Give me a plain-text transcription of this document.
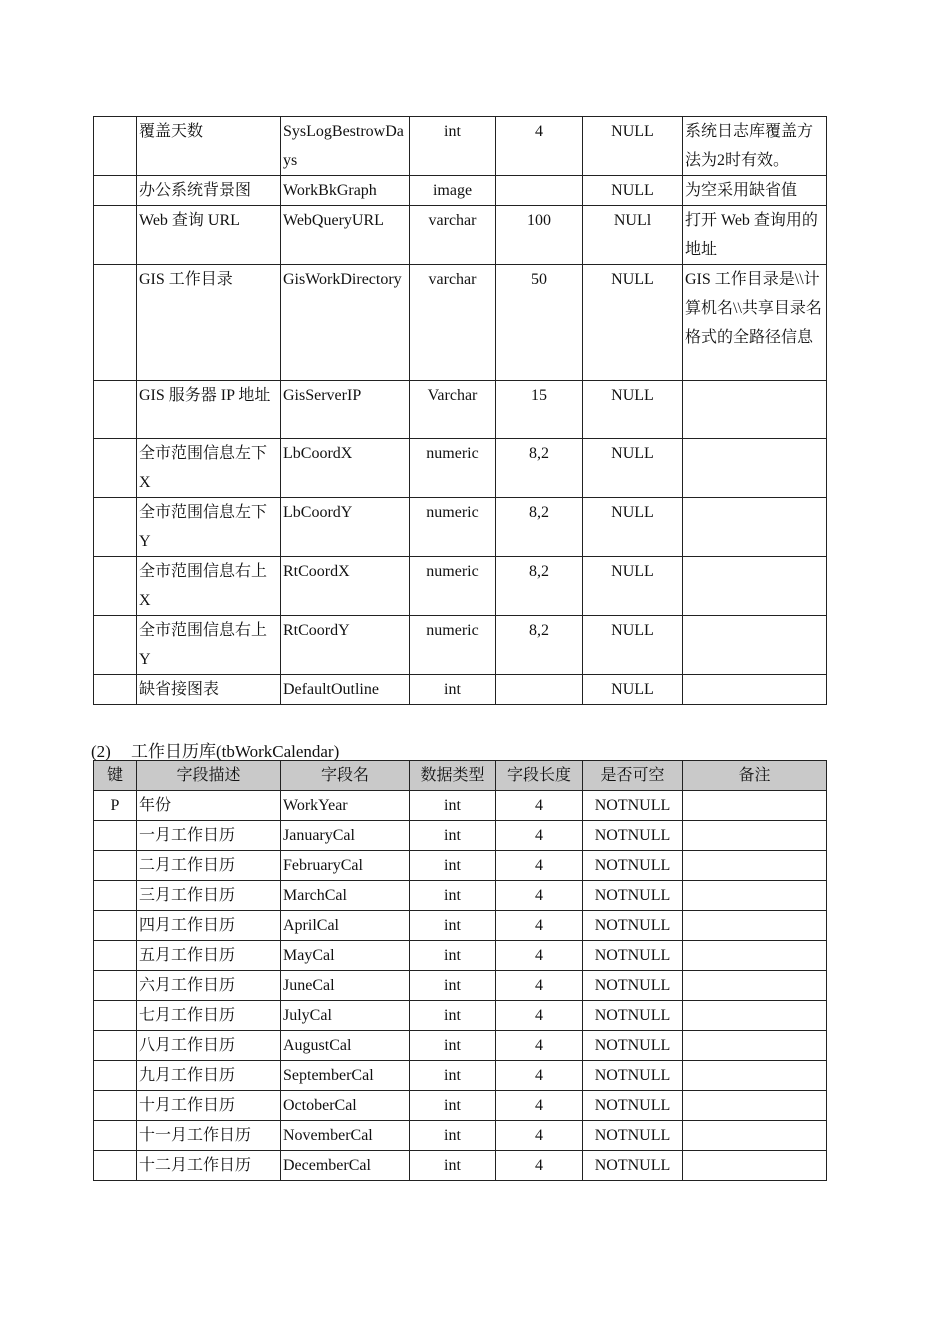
	覆盖天数	SysLogBestrowDays	int	4	NULL	系统日志库覆盖方法为2时有效。
	办公系统背景图	WorkBkGraph	image		NULL	为空采用缺省值
	Web 查询 URL	WebQueryURL	varchar	100	NULl	打开 Web 查询用的地址
	GIS 工作目录	GisWorkDirectory	varchar	50	NULL	GIS 工作目录是\\计算机名\\共享目录名格式的全路径信息
	GIS 服务器 IP 地址	GisServerIP	Varchar	15	NULL	
	全市范围信息左下X	LbCoordX	numeric	8,2	NULL	
	全市范围信息左下Y	LbCoordY	numeric	8,2	NULL	
	全市范围信息右上X	RtCoordX	numeric	8,2	NULL	
	全市范围信息右上Y	RtCoordY	numeric	8,2	NULL	
	缺省接图表	DefaultOutline	int		NULL	
(2) 工作日历库(tbWorkCalendar)
键	字段描述	字段名	数据类型	字段长度	是否可空	备注
P	年份	WorkYear	int	4	NOTNULL	
	一月工作日历	JanuaryCal	int	4	NOTNULL	
	二月工作日历	FebruaryCal	int	4	NOTNULL	
	三月工作日历	MarchCal	int	4	NOTNULL	
	四月工作日历	AprilCal	int	4	NOTNULL	
	五月工作日历	MayCal	int	4	NOTNULL	
	六月工作日历	JuneCal	int	4	NOTNULL	
	七月工作日历	JulyCal	int	4	NOTNULL	
	八月工作日历	AugustCal	int	4	NOTNULL	
	九月工作日历	SeptemberCal	int	4	NOTNULL	
	十月工作日历	OctoberCal	int	4	NOTNULL	
	十一月工作日历	NovemberCal	int	4	NOTNULL	
	十二月工作日历	DecemberCal	int	4	NOTNULL	
